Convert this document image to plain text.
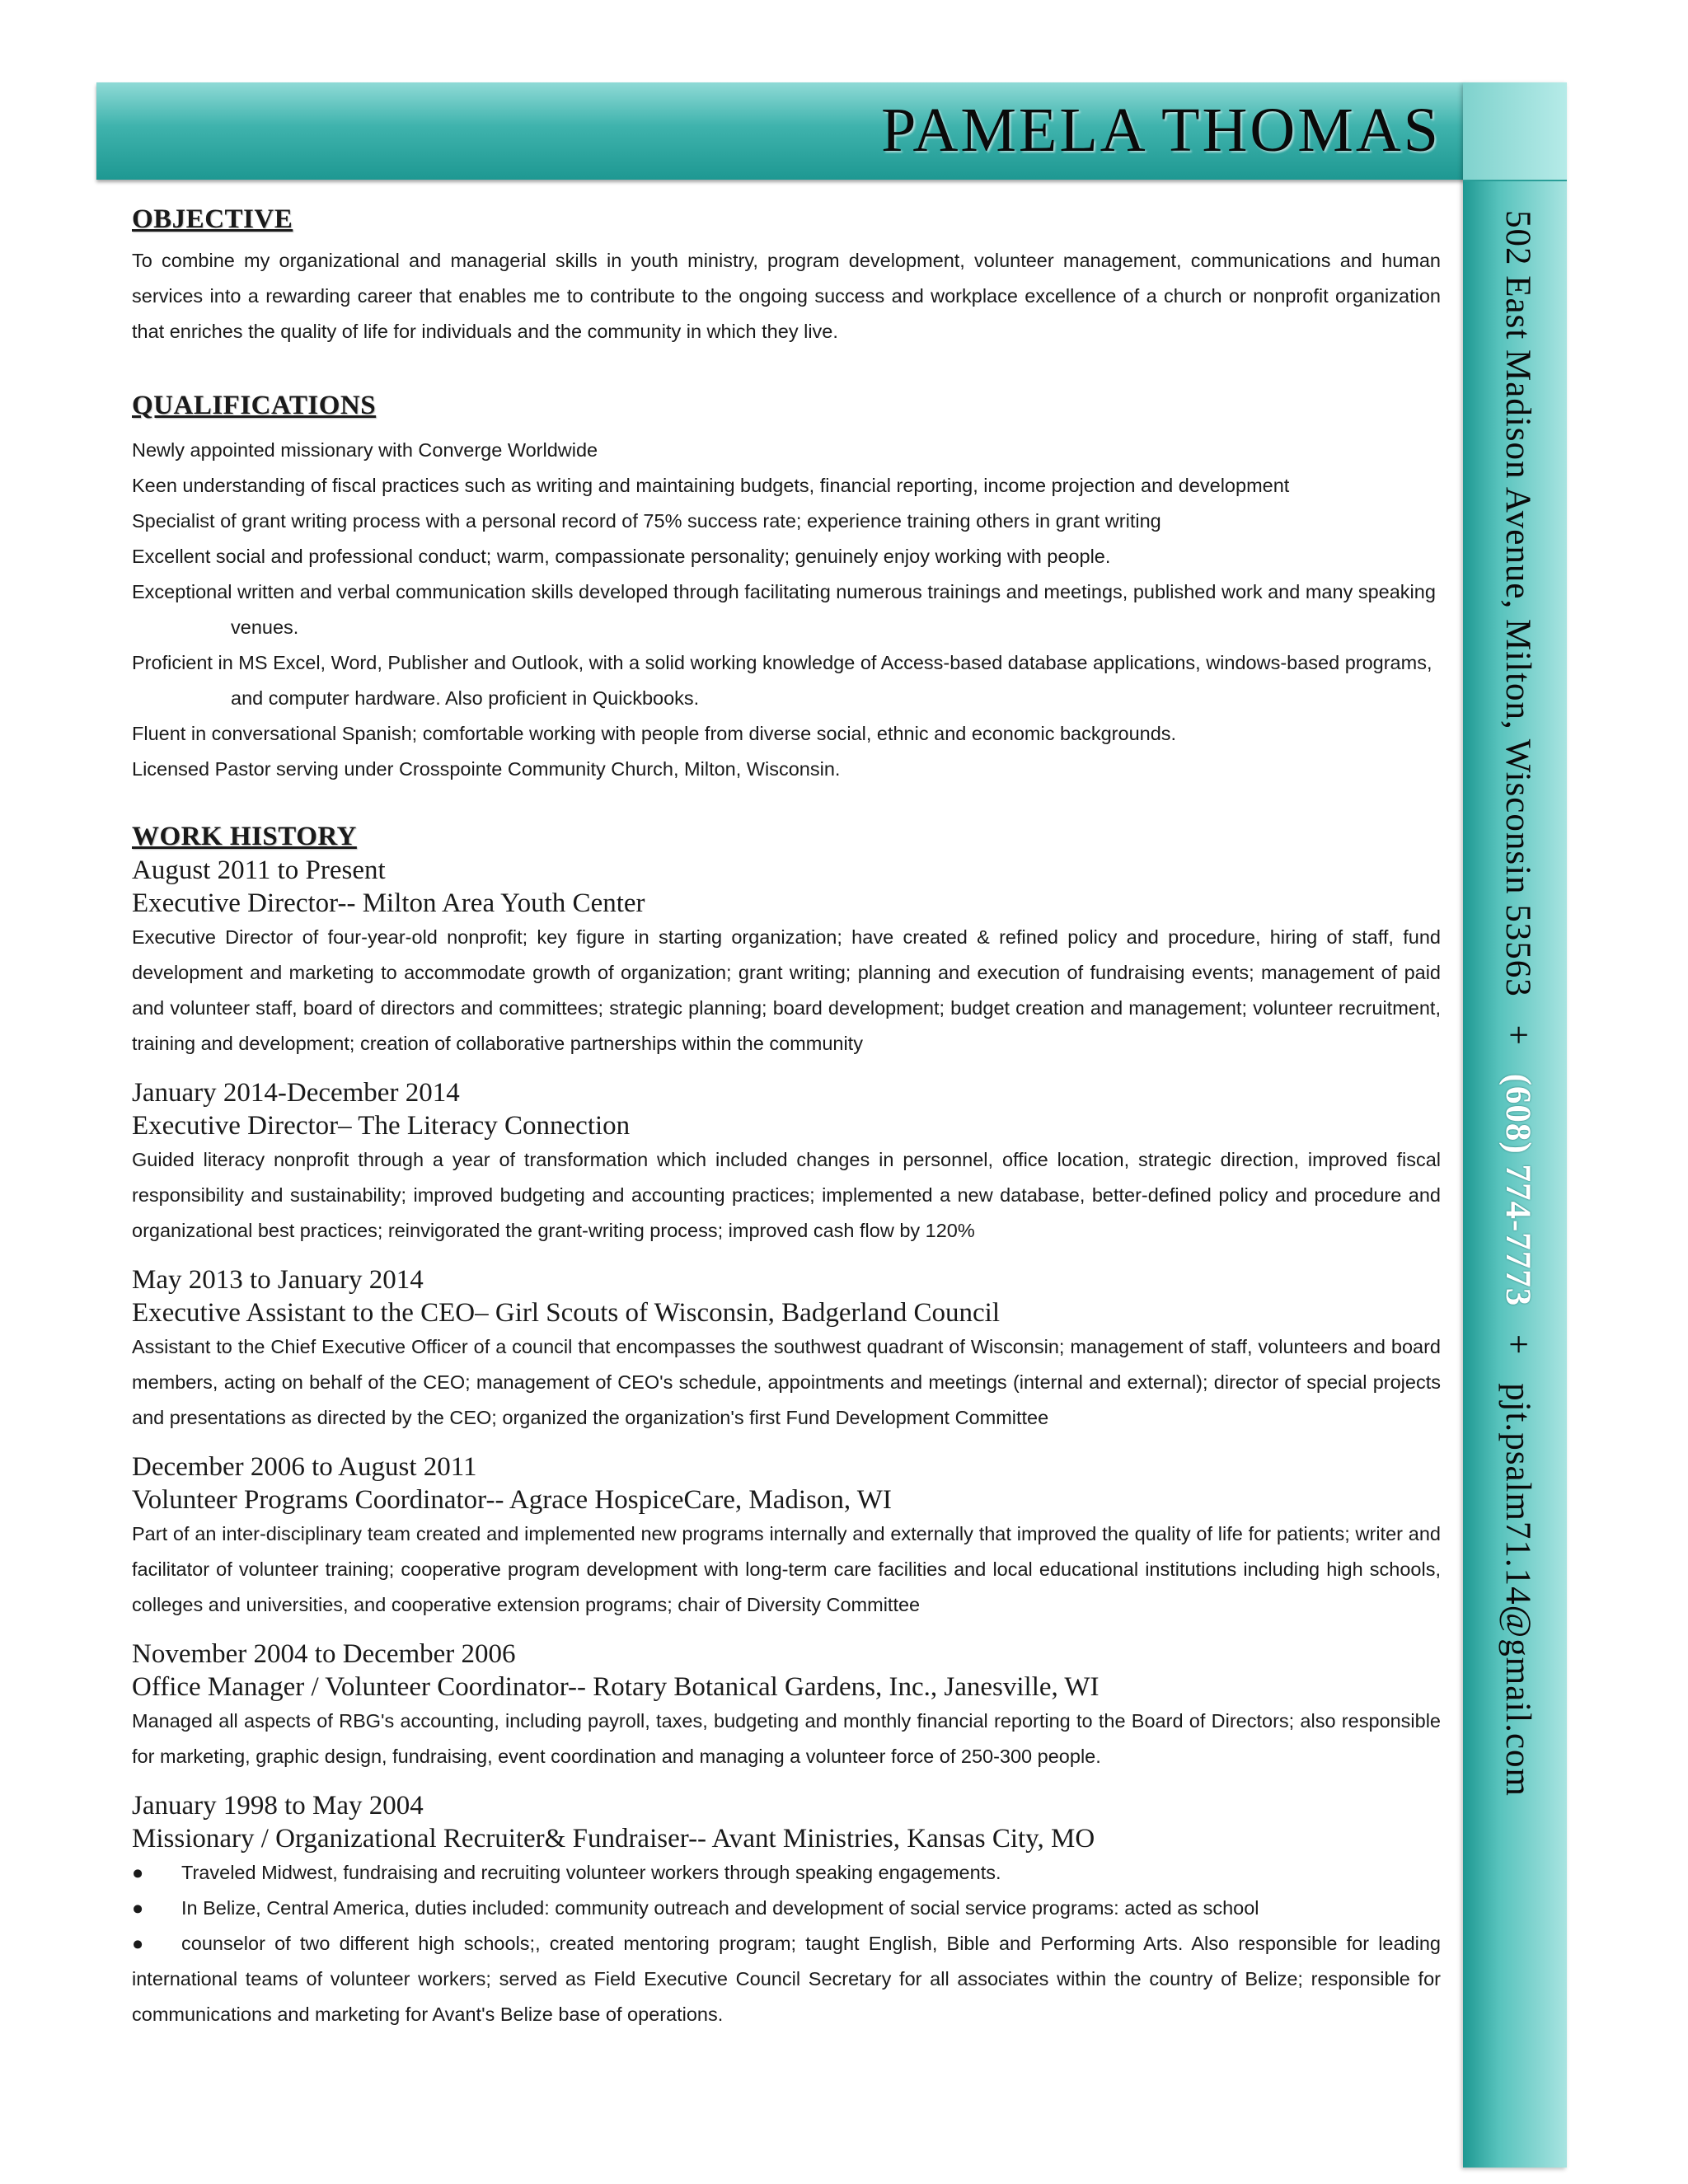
PAMELA THOMAS
502 East Madison Avenue, Milton, Wisconsin 53563 + (608) 774-7773 + pjt.psalm71.14@gmail.com
OBJECTIVE

To combine my organizational and managerial skills in youth ministry, program development, volunteer management, communications and human services into a rewarding career that enables me to contribute to the ongoing success and workplace excellence of a church or nonprofit organization that enriches the quality of life for individuals and the community in which they live.

QUALIFICATIONS
Newly appointed missionary with Converge Worldwide
Keen understanding of fiscal practices such as writing and maintaining budgets, financial reporting, income projection and development
Specialist of grant writing process with a personal record of 75% success rate; experience training others in grant writing
Excellent social and professional conduct; warm, compassionate personality; genuinely enjoy working with people.
Exceptional written and verbal communication skills developed through facilitating numerous trainings and meetings, published work and many speaking venues.
Proficient in MS Excel, Word, Publisher and Outlook, with a solid working knowledge of Access-based database applications, windows-based programs, and computer hardware. Also proficient in Quickbooks.
Fluent in conversational Spanish; comfortable working with people from diverse social, ethnic and economic backgrounds.
Licensed Pastor serving under Crosspointe Community Church, Milton, Wisconsin.
WORK HISTORY

August 2011 to Present

Executive Director-- Milton Area Youth Center

Executive Director of four-year-old nonprofit; key figure in starting organization; have created & refined policy and procedure, hiring of staff, fund development and marketing to accommodate growth of organization; grant writing; planning and execution of fundraising events; management of paid and volunteer staff, board of directors and committees; strategic planning; board development; budget creation and management; volunteer recruitment, training and development; creation of collaborative partnerships within the community

January 2014-December 2014

Executive Director– The Literacy Connection

Guided literacy nonprofit through a year of transformation which included changes in personnel, office location, strategic direction, improved fiscal responsibility and sustainability; improved budgeting and accounting practices; implemented a new database, better-defined policy and procedure and organizational best practices; reinvigorated the grant-writing process; improved cash flow by 120%

May 2013 to January 2014

Executive Assistant to the CEO– Girl Scouts of Wisconsin, Badgerland Council

Assistant to the Chief Executive Officer of a council that encompasses the southwest quadrant of Wisconsin; management of staff, volunteers and board members, acting on behalf of the CEO; management of CEO's schedule, appointments and meetings (internal and external); director of special projects and presentations as directed by the CEO; organized the organization's first Fund Development Committee

December 2006 to August 2011

Volunteer Programs Coordinator-- Agrace HospiceCare, Madison, WI

Part of an inter-disciplinary team created and implemented new programs internally and externally that improved the quality of life for patients; writer and facilitator of volunteer training; cooperative program development with long-term care facilities and local educational institutions including high schools, colleges and universities, and cooperative extension programs; chair of Diversity Committee

November 2004 to December 2006

Office Manager / Volunteer Coordinator-- Rotary Botanical Gardens, Inc., Janesville, WI

Managed all aspects of RBG's accounting, including payroll, taxes, budgeting and monthly financial reporting to the Board of Directors; also responsible for marketing, graphic design, fundraising, event coordination and managing a volunteer force of 250-300 people.

January 1998 to May 2004

Missionary / Organizational Recruiter& Fundraiser-- Avant Ministries, Kansas City, MO

● Traveled Midwest, fundraising and recruiting volunteer workers through speaking engagements.
● In Belize, Central America, duties included: community outreach and development of social service programs: acted as school
● counselor of two different high schools;, created mentoring program; taught English, Bible and Performing Arts. Also responsible for leading international teams of volunteer workers; served as Field Executive Council Secretary for all associates within the country of Belize; responsible for communications and marketing for Avant's Belize base of operations.
